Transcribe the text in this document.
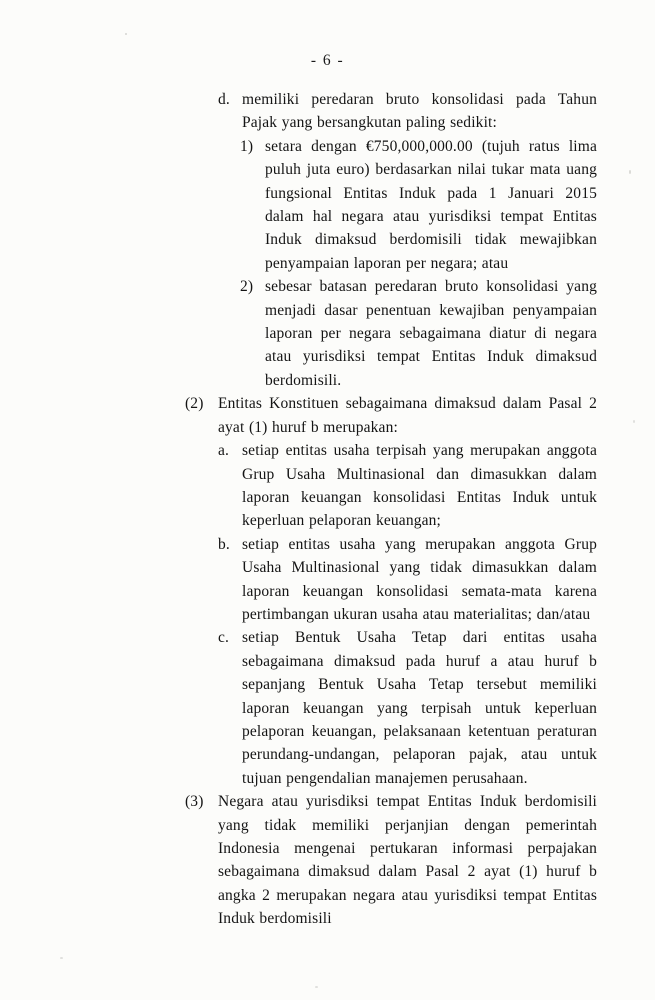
- 6 -
d. memiliki peredaran bruto konsolidasi pada Tahun Pajak yang bersangkutan paling sedikit:
1) setara dengan €750,000,000.00 (tujuh ratus lima puluh juta euro) berdasarkan nilai tukar mata uang fungsional Entitas Induk pada 1 Januari 2015 dalam hal negara atau yurisdiksi tempat Entitas Induk dimaksud berdomisili tidak mewajibkan penyampaian laporan per negara; atau
2) sebesar batasan peredaran bruto konsolidasi yang menjadi dasar penentuan kewajiban penyampaian laporan per negara sebagaimana diatur di negara atau yurisdiksi tempat Entitas Induk dimaksud berdomisili.
(2) Entitas Konstituen sebagaimana dimaksud dalam Pasal 2 ayat (1) huruf b merupakan:
a. setiap entitas usaha terpisah yang merupakan anggota Grup Usaha Multinasional dan dimasukkan dalam laporan keuangan konsolidasi Entitas Induk untuk keperluan pelaporan keuangan;
b. setiap entitas usaha yang merupakan anggota Grup Usaha Multinasional yang tidak dimasukkan dalam laporan keuangan konsolidasi semata-mata karena pertimbangan ukuran usaha atau materialitas; dan/atau
c. setiap Bentuk Usaha Tetap dari entitas usaha sebagaimana dimaksud pada huruf a atau huruf b sepanjang Bentuk Usaha Tetap tersebut memiliki laporan keuangan yang terpisah untuk keperluan pelaporan keuangan, pelaksanaan ketentuan peraturan perundang-undangan, pelaporan pajak, atau untuk tujuan pengendalian manajemen perusahaan.
(3) Negara atau yurisdiksi tempat Entitas Induk berdomisili yang tidak memiliki perjanjian dengan pemerintah Indonesia mengenai pertukaran informasi perpajakan sebagaimana dimaksud dalam Pasal 2 ayat (1) huruf b angka 2 merupakan negara atau yurisdiksi tempat Entitas Induk berdomisili
